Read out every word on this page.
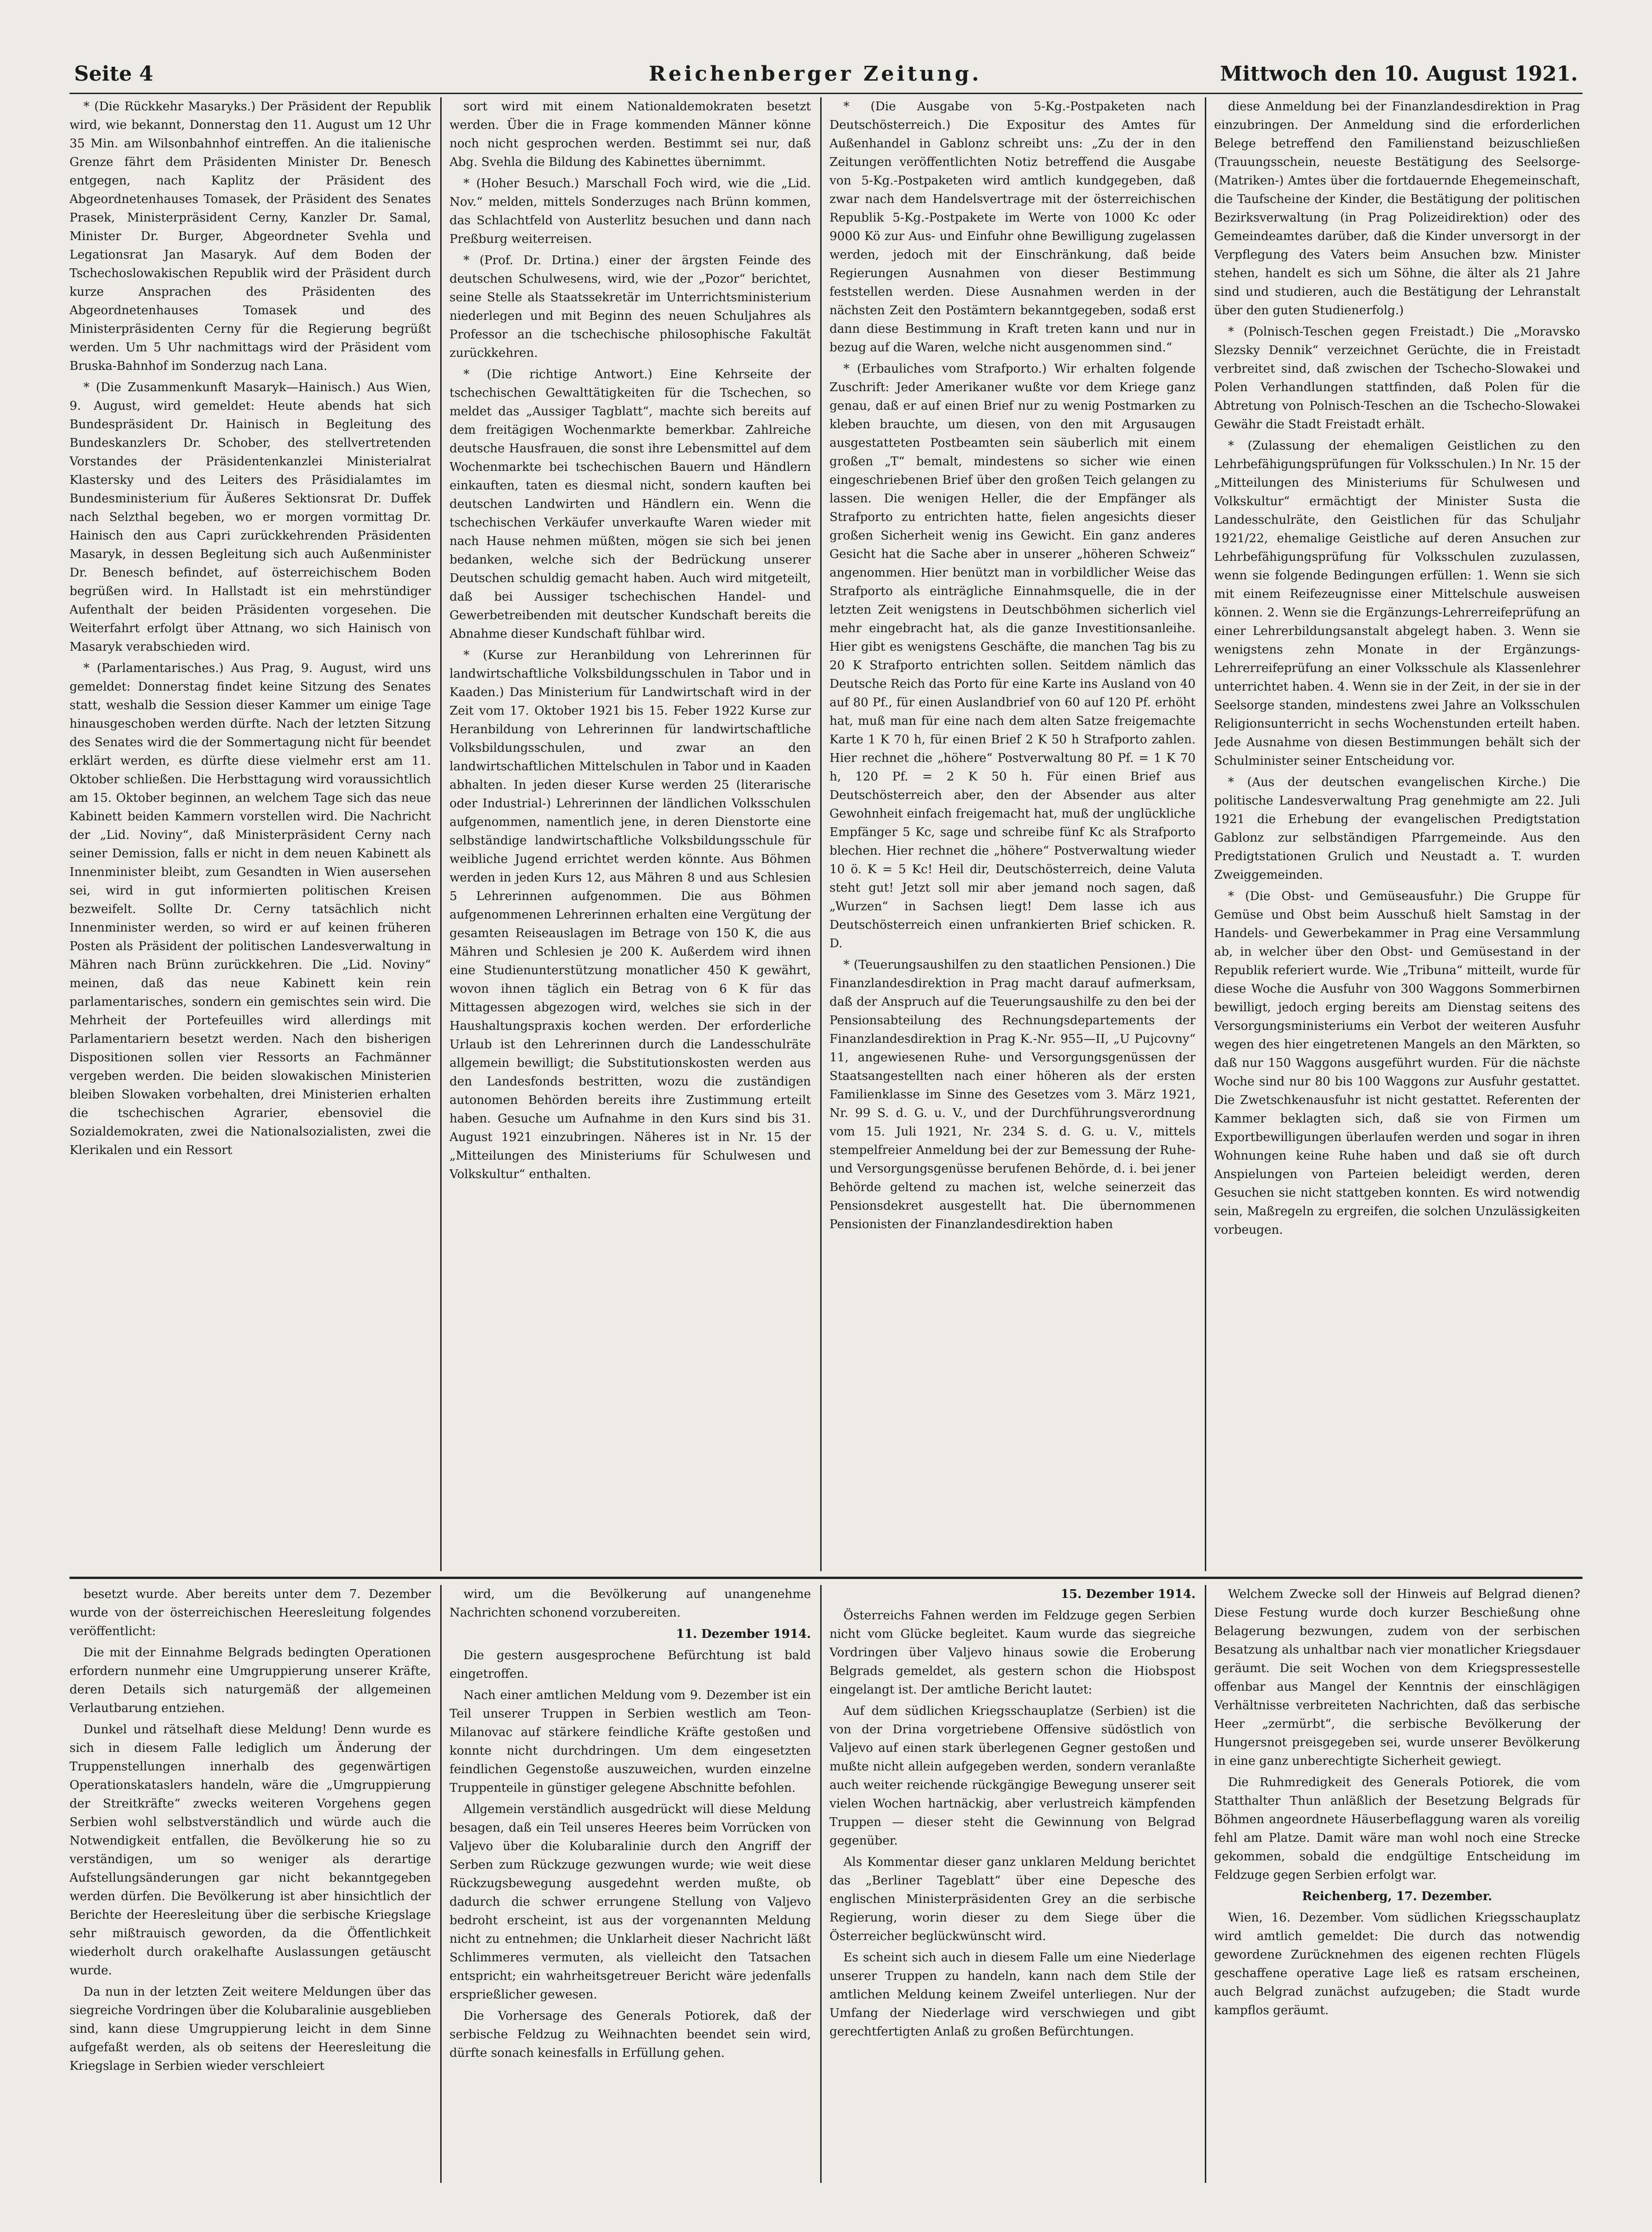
Seite 4	Reichenberger Zeitung.	Mittwoch den 10. August 1921.

* (Die Rückkehr Masaryks.) Der Präsident der Republik wird, wie bekannt, Donnerstag den 11. August um 12 Uhr 35 Min. am Wilsonbahnhof eintreffen. An die italienische Grenze fährt dem Präsidenten Minister Dr. Benesch entgegen, nach Kaplitz der Präsident des Abgeordnetenhauses Tomasek, der Präsident des Senates Prasek, Ministerpräsident Cerny, Kanzler Dr. Samal, Minister Dr. Burger, Abgeordneter Svehla und Legationsrat Jan Masaryk. Auf dem Boden der Tschechoslowakischen Republik wird der Präsident durch kurze Ansprachen des Präsidenten des Abgeordnetenhauses Tomasek und des Ministerpräsidenten Cerny für die Regierung begrüßt werden. Um 5 Uhr nachmittags wird der Präsident vom Bruska-Bahnhof im Sonderzug nach Lana.

* (Die Zusammenkunft Masaryk—Hainisch.) Aus Wien, 9. August, wird gemeldet: Heute abends hat sich Bundespräsident Dr. Hainisch in Begleitung des Bundeskanzlers Dr. Schober, des stellvertretenden Vorstandes der Präsidentenkanzlei Ministerialrat Klastersky und des Leiters des Präsidialamtes im Bundesministerium für Äußeres Sektionsrat Dr. Duffek nach Selzthal begeben, wo er morgen vormittag Dr. Hainisch den aus Capri zurückkehrenden Präsidenten Masaryk, in dessen Begleitung sich auch Außenminister Dr. Benesch befindet, auf österreichischem Boden begrüßen wird. In Hallstadt ist ein mehrstündiger Aufenthalt der beiden Präsidenten vorgesehen. Die Weiterfahrt erfolgt über Attnang, wo sich Hainisch von Masaryk verabschieden wird.

* (Parlamentarisches.) Aus Prag, 9. August, wird uns gemeldet: Donnerstag findet keine Sitzung des Senates statt, weshalb die Session dieser Kammer um einige Tage hinausgeschoben werden dürfte. Nach der letzten Sitzung des Senates wird die der Sommertagung nicht für beendet erklärt werden, es dürfte diese vielmehr erst am 11. Oktober schließen. Die Herbsttagung wird voraussichtlich am 15. Oktober beginnen, an welchem Tage sich das neue Kabinett beiden Kammern vorstellen wird. Die Nachricht der „Lid. Noviny“, daß Ministerpräsident Cerny nach seiner Demission, falls er nicht in dem neuen Kabinett als Innenminister bleibt, zum Gesandten in Wien ausersehen sei, wird in gut informierten politischen Kreisen bezweifelt. Sollte Dr. Cerny tatsächlich nicht Innenminister werden, so wird er auf keinen früheren Posten als Präsident der politischen Landesverwaltung in Mähren nach Brünn zurückkehren. Die „Lid. Noviny“ meinen, daß das neue Kabinett kein rein parlamentarisches, sondern ein gemischtes sein wird. Die Mehrheit der Portefeuilles wird allerdings mit Parlamentariern besetzt werden. Nach den bisherigen Dispositionen sollen vier Ressorts an Fachmänner vergeben werden. Die beiden slowakischen Ministerien bleiben Slowaken vorbehalten, drei Ministerien erhalten die tschechischen Agrarier, ebensoviel die Sozialdemokraten, zwei die Nationalsozialisten, zwei die Klerikalen und ein Ressort

sort wird mit einem Nationaldemokraten besetzt werden. Über die in Frage kommenden Männer könne noch nicht gesprochen werden. Bestimmt sei nur, daß Abg. Svehla die Bildung des Kabinettes übernimmt.

* (Hoher Besuch.) Marschall Foch wird, wie die „Lid. Nov.“ melden, mittels Sonderzuges nach Brünn kommen, das Schlachtfeld von Austerlitz besuchen und dann nach Preßburg weiterreisen.

* (Prof. Dr. Drtina.) einer der ärgsten Feinde des deutschen Schulwesens, wird, wie der „Pozor“ berichtet, seine Stelle als Staatssekretär im Unterrichtsministerium niederlegen und mit Beginn des neuen Schuljahres als Professor an die tschechische philosophische Fakultät zurückkehren.

* (Die richtige Antwort.) Eine Kehrseite der tschechischen Gewalttätigkeiten für die Tschechen, so meldet das „Aussiger Tagblatt“, machte sich bereits auf dem freitägigen Wochenmarkte bemerkbar. Zahlreiche deutsche Hausfrauen, die sonst ihre Lebensmittel auf dem Wochenmarkte bei tschechischen Bauern und Händlern einkauften, taten es diesmal nicht, sondern kauften bei deutschen Landwirten und Händlern ein. Wenn die tschechischen Verkäufer unverkaufte Waren wieder mit nach Hause nehmen müßten, mögen sie sich bei jenen bedanken, welche sich der Bedrückung unserer Deutschen schuldig gemacht haben. Auch wird mitgeteilt, daß bei Aussiger tschechischen Handel- und Gewerbetreibenden mit deutscher Kundschaft bereits die Abnahme dieser Kundschaft fühlbar wird.

* (Kurse zur Heranbildung von Lehrerinnen für landwirtschaftliche Volksbildungsschulen in Tabor und in Kaaden.) Das Ministerium für Landwirtschaft wird in der Zeit vom 17. Oktober 1921 bis 15. Feber 1922 Kurse zur Heranbildung von Lehrerinnen für landwirtschaftliche Volksbildungsschulen, und zwar an den landwirtschaftlichen Mittelschulen in Tabor und in Kaaden abhalten. In jeden dieser Kurse werden 25 (literarische oder Industrial-) Lehrerinnen der ländlichen Volksschulen aufgenommen, namentlich jene, in deren Dienstorte eine selbständige landwirtschaftliche Volksbildungsschule für weibliche Jugend errichtet werden könnte. Aus Böhmen werden in jeden Kurs 12, aus Mähren 8 und aus Schlesien 5 Lehrerinnen aufgenommen. Die aus Böhmen aufgenommenen Lehrerinnen erhalten eine Vergütung der gesamten Reiseauslagen im Betrage von 150 K, die aus Mähren und Schlesien je 200 K. Außerdem wird ihnen eine Studienunterstützung monatlicher 450 K gewährt, wovon ihnen täglich ein Betrag von 6 K für das Mittagessen abgezogen wird, welches sie sich in der Haushaltungspraxis kochen werden. Der erforderliche Urlaub ist den Lehrerinnen durch die Landesschulräte allgemein bewilligt; die Substitutionskosten werden aus den Landesfonds bestritten, wozu die zuständigen autonomen Behörden bereits ihre Zustimmung erteilt haben. Gesuche um Aufnahme in den Kurs sind bis 31. August 1921 einzubringen. Näheres ist in Nr. 15 der „Mitteilungen des Ministeriums für Schulwesen und Volkskultur“ enthalten.

* (Die Ausgabe von 5-Kg.-Postpaketen nach Deutschösterreich.) Die Expositur des Amtes für Außenhandel in Gablonz schreibt uns: „Zu der in den Zeitungen veröffentlichten Notiz betreffend die Ausgabe von 5-Kg.-Postpaketen wird amtlich kundgegeben, daß zwar nach dem Handelsvertrage mit der österreichischen Republik 5-Kg.-Postpakete im Werte von 1000 Kc oder 9000 Kö zur Aus- und Einfuhr ohne Bewilligung zugelassen werden, jedoch mit der Einschränkung, daß beide Regierungen Ausnahmen von dieser Bestimmung feststellen werden. Diese Ausnahmen werden in der nächsten Zeit den Postämtern bekanntgegeben, sodaß erst dann diese Bestimmung in Kraft treten kann und nur in bezug auf die Waren, welche nicht ausgenommen sind.“

* (Erbauliches vom Strafporto.) Wir erhalten folgende Zuschrift: Jeder Amerikaner wußte vor dem Kriege ganz genau, daß er auf einen Brief nur zu wenig Postmarken zu kleben brauchte, um diesen, von den mit Argusaugen ausgestatteten Postbeamten sein säuberlich mit einem großen „T“ bemalt, mindestens so sicher wie einen eingeschriebenen Brief über den großen Teich gelangen zu lassen. Die wenigen Heller, die der Empfänger als Strafporto zu entrichten hatte, fielen angesichts dieser großen Sicherheit wenig ins Gewicht. Ein ganz anderes Gesicht hat die Sache aber in unserer „höheren Schweiz“ angenommen. Hier benützt man in vorbildlicher Weise das Strafporto als einträgliche Einnahmsquelle, die in der letzten Zeit wenigstens in Deutschböhmen sicherlich viel mehr eingebracht hat, als die ganze Investitionsanleihe. Hier gibt es wenigstens Geschäfte, die manchen Tag bis zu 20 K Strafporto entrichten sollen. Seitdem nämlich das Deutsche Reich das Porto für eine Karte ins Ausland von 40 auf 80 Pf., für einen Auslandbrief von 60 auf 120 Pf. erhöht hat, muß man für eine nach dem alten Satze freigemachte Karte 1 K 70 h, für einen Brief 2 K 50 h Strafporto zahlen. Hier rechnet die „höhere“ Postverwaltung 80 Pf. = 1 K 70 h, 120 Pf. = 2 K 50 h. Für einen Brief aus Deutschösterreich aber, den der Absender aus alter Gewohnheit einfach freigemacht hat, muß der unglückliche Empfänger 5 Kc, sage und schreibe fünf Kc als Strafporto blechen. Hier rechnet die „höhere“ Postverwaltung wieder 10 ö. K = 5 Kc! Heil dir, Deutschösterreich, deine Valuta steht gut! Jetzt soll mir aber jemand noch sagen, daß „Wurzen“ in Sachsen liegt! Dem lasse ich aus Deutschösterreich einen unfrankierten Brief schicken. R. D.

* (Teuerungsaushilfen zu den staatlichen Pensionen.) Die Finanzlandesdirektion in Prag macht darauf aufmerksam, daß der Anspruch auf die Teuerungsaushilfe zu den bei der Pensionsabteilung des Rechnungsdepartements der Finanzlandesdirektion in Prag K.-Nr. 955—II, „U Pujcovny“ 11, angewiesenen Ruhe- und Versorgungsgenüssen der Staatsangestellten nach einer höheren als der ersten Familienklasse im Sinne des Gesetzes vom 3. März 1921, Nr. 99 S. d. G. u. V., und der Durchführungsverordnung vom 15. Juli 1921, Nr. 234 S. d. G. u. V., mittels stempelfreier Anmeldung bei der zur Bemessung der Ruhe- und Versorgungsgenüsse berufenen Behörde, d. i. bei jener Behörde geltend zu machen ist, welche seinerzeit das Pensionsdekret ausgestellt hat. Die übernommenen Pensionisten der Finanzlandesdirektion haben

diese Anmeldung bei der Finanzlandesdirektion in Prag einzubringen. Der Anmeldung sind die erforderlichen Belege betreffend den Familienstand beizuschließen (Trauungsschein, neueste Bestätigung des Seelsorge-(Matriken-) Amtes über die fortdauernde Ehegemeinschaft, die Taufscheine der Kinder, die Bestätigung der politischen Bezirksverwaltung (in Prag Polizeidirektion) oder des Gemeindeamtes darüber, daß die Kinder unversorgt in der Verpflegung des Vaters beim Ansuchen bzw. Minister stehen, handelt es sich um Söhne, die älter als 21 Jahre sind und studieren, auch die Bestätigung der Lehranstalt über den guten Studienerfolg.)

* (Polnisch-Teschen gegen Freistadt.) Die „Moravsko Slezsky Dennik“ verzeichnet Gerüchte, die in Freistadt verbreitet sind, daß zwischen der Tschecho-Slowakei und Polen Verhandlungen stattfinden, daß Polen für die Abtretung von Polnisch-Teschen an die Tschecho-Slowakei Gewähr die Stadt Freistadt erhält.

* (Zulassung der ehemaligen Geistlichen zu den Lehrbefähigungsprüfungen für Volksschulen.) In Nr. 15 der „Mitteilungen des Ministeriums für Schulwesen und Volkskultur“ ermächtigt der Minister Susta die Landesschulräte, den Geistlichen für das Schuljahr 1921/22, ehemalige Geistliche auf deren Ansuchen zur Lehrbefähigungsprüfung für Volksschulen zuzulassen, wenn sie folgende Bedingungen erfüllen: 1. Wenn sie sich mit einem Reifezeugnisse einer Mittelschule ausweisen können. 2. Wenn sie die Ergänzungs-Lehrerreifeprüfung an einer Lehrerbildungsanstalt abgelegt haben. 3. Wenn sie wenigstens zehn Monate in der Ergänzungs-Lehrerreifeprüfung an einer Volksschule als Klassenlehrer unterrichtet haben. 4. Wenn sie in der Zeit, in der sie in der Seelsorge standen, mindestens zwei Jahre an Volksschulen Religionsunterricht in sechs Wochenstunden erteilt haben. Jede Ausnahme von diesen Bestimmungen behält sich der Schulminister seiner Entscheidung vor.

* (Aus der deutschen evangelischen Kirche.) Die politische Landesverwaltung Prag genehmigte am 22. Juli 1921 die Erhebung der evangelischen Predigtstation Gablonz zur selbständigen Pfarrgemeinde. Aus den Predigtstationen Grulich und Neustadt a. T. wurden Zweiggemeinden.

* (Die Obst- und Gemüseausfuhr.) Die Gruppe für Gemüse und Obst beim Ausschuß hielt Samstag in der Handels- und Gewerbekammer in Prag eine Versammlung ab, in welcher über den Obst- und Gemüsestand in der Republik referiert wurde. Wie „Tribuna“ mitteilt, wurde für diese Woche die Ausfuhr von 300 Waggons Sommerbirnen bewilligt, jedoch erging bereits am Dienstag seitens des Versorgungsministeriums ein Verbot der weiteren Ausfuhr wegen des hier eingetretenen Mangels an den Märkten, so daß nur 150 Waggons ausgeführt wurden. Für die nächste Woche sind nur 80 bis 100 Waggons zur Ausfuhr gestattet. Die Zwetschkenausfuhr ist nicht gestattet. Referenten der Kammer beklagten sich, daß sie von Firmen um Exportbewilligungen überlaufen werden und sogar in ihren Wohnungen keine Ruhe haben und daß sie oft durch Anspielungen von Parteien beleidigt werden, deren Gesuchen sie nicht stattgeben konnten. Es wird notwendig sein, Maßregeln zu ergreifen, die solchen Unzulässigkeiten vorbeugen.

besetzt wurde. Aber bereits unter dem 7. Dezember wurde von der österreichischen Heeresleitung folgendes veröffentlicht:

Die mit der Einnahme Belgrads bedingten Operationen erfordern nunmehr eine Umgruppierung unserer Kräfte, deren Details sich naturgemäß der allgemeinen Verlautbarung entziehen.

Dunkel und rätselhaft diese Meldung! Denn wurde es sich in diesem Falle lediglich um Änderung der Truppenstellungen innerhalb des gegenwärtigen Operationskataslers handeln, wäre die „Umgruppierung der Streitkräfte“ zwecks weiteren Vorgehens gegen Serbien wohl selbstverständlich und würde auch die Notwendigkeit entfallen, die Bevölkerung hie so zu verständigen, um so weniger als derartige Aufstellungsänderungen gar nicht bekanntgegeben werden dürfen. Die Bevölkerung ist aber hinsichtlich der Berichte der Heeresleitung über die serbische Kriegslage sehr mißtrauisch geworden, da die Öffentlichkeit wiederholt durch orakelhafte Auslassungen getäuscht wurde.

Da nun in der letzten Zeit weitere Meldungen über das siegreiche Vordringen über die Kolubaralinie ausgeblieben sind, kann diese Umgruppierung leicht in dem Sinne aufgefaßt werden, als ob seitens der Heeresleitung die Kriegslage in Serbien wieder verschleiert

wird, um die Bevölkerung auf unangenehme Nachrichten schonend vorzubereiten.

11. Dezember 1914.

Die gestern ausgesprochene Befürchtung ist bald eingetroffen.

Nach einer amtlichen Meldung vom 9. Dezember ist ein Teil unserer Truppen in Serbien westlich am Teon-Milanovac auf stärkere feindliche Kräfte gestoßen und konnte nicht durchdringen. Um dem eingesetzten feindlichen Gegenstoße auszuweichen, wurden einzelne Truppenteile in günstiger gelegene Abschnitte befohlen.

Allgemein verständlich ausgedrückt will diese Meldung besagen, daß ein Teil unseres Heeres beim Vorrücken von Valjevo über die Kolubaralinie durch den Angriff der Serben zum Rückzuge gezwungen wurde; wie weit diese Rückzugsbewegung ausgedehnt werden mußte, ob dadurch die schwer errungene Stellung von Valjevo bedroht erscheint, ist aus der vorgenannten Meldung nicht zu entnehmen; die Unklarheit dieser Nachricht läßt Schlimmeres vermuten, als vielleicht den Tatsachen entspricht; ein wahrheitsgetreuer Bericht wäre jedenfalls ersprießlicher gewesen.

Die Vorhersage des Generals Potiorek, daß der serbische Feldzug zu Weihnachten beendet sein wird, dürfte sonach keinesfalls in Erfüllung gehen.

15. Dezember 1914.

Österreichs Fahnen werden im Feldzuge gegen Serbien nicht vom Glücke begleitet. Kaum wurde das siegreiche Vordringen über Valjevo hinaus sowie die Eroberung Belgrads gemeldet, als gestern schon die Hiobspost eingelangt ist. Der amtliche Bericht lautet:

Auf dem südlichen Kriegsschauplatze (Serbien) ist die von der Drina vorgetriebene Offensive südöstlich von Valjevo auf einen stark überlegenen Gegner gestoßen und mußte nicht allein aufgegeben werden, sondern veranlaßte auch weiter reichende rückgängige Bewegung unserer seit vielen Wochen hartnäckig, aber verlustreich kämpfenden Truppen — dieser steht die Gewinnung von Belgrad gegenüber.

Als Kommentar dieser ganz unklaren Meldung berichtet das „Berliner Tageblatt“ über eine Depesche des englischen Ministerpräsidenten Grey an die serbische Regierung, worin dieser zu dem Siege über die Österreicher beglückwünscht wird.

Es scheint sich auch in diesem Falle um eine Niederlage unserer Truppen zu handeln, kann nach dem Stile der amtlichen Meldung keinem Zweifel unterliegen. Nur der Umfang der Niederlage wird verschwiegen und gibt gerechtfertigten Anlaß zu großen Befürchtungen.

Welchem Zwecke soll der Hinweis auf Belgrad dienen? Diese Festung wurde doch kurzer Beschießung ohne Belagerung bezwungen, zudem von der serbischen Besatzung als unhaltbar nach vier monatlicher Kriegsdauer geräumt. Die seit Wochen von dem Kriegspressestelle offenbar aus Mangel der Kenntnis der einschlägigen Verhältnisse verbreiteten Nachrichten, daß das serbische Heer „zermürbt“, die serbische Bevölkerung der Hungersnot preisgegeben sei, wurde unserer Bevölkerung in eine ganz unberechtigte Sicherheit gewiegt.

Die Ruhmredigkeit des Generals Potiorek, die vom Statthalter Thun anläßlich der Besetzung Belgrads für Böhmen angeordnete Häuserbeflaggung waren als voreilig fehl am Platze. Damit wäre man wohl noch eine Strecke gekommen, sobald die endgültige Entscheidung im Feldzuge gegen Serbien erfolgt war.

Reichenberg, 17. Dezember.

Wien, 16. Dezember. Vom südlichen Kriegsschauplatz wird amtlich gemeldet: Die durch das notwendig gewordene Zurücknehmen des eigenen rechten Flügels geschaffene operative Lage ließ es ratsam erscheinen, auch Belgrad zunächst aufzugeben; die Stadt wurde kampflos geräumt.
